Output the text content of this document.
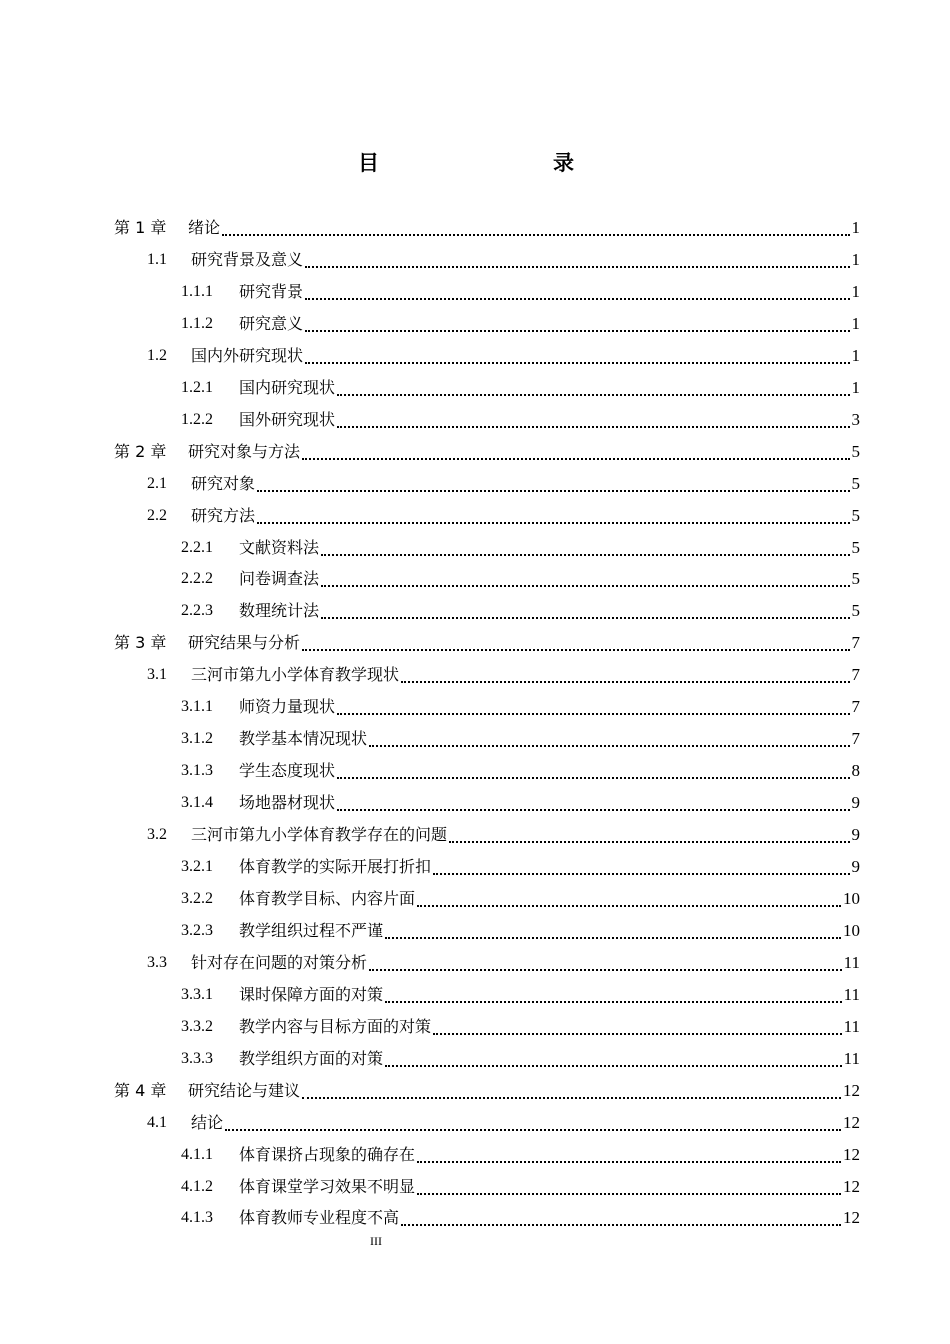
目　　录
第 1 章	绪论	1
1.1	研究背景及意义	1
1.1.1	研究背景	1
1.1.2	研究意义	1
1.2	国内外研究现状	1
1.2.1	国内研究现状	1
1.2.2	国外研究现状	3
第 2 章	研究对象与方法	5
2.1	研究对象	5
2.2	研究方法	5
2.2.1	文献资料法	5
2.2.2	问卷调查法	5
2.2.3	数理统计法	5
第 3 章	研究结果与分析	7
3.1	三河市第九小学体育教学现状	7
3.1.1	师资力量现状	7
3.1.2	教学基本情况现状	7
3.1.3	学生态度现状	8
3.1.4	场地器材现状	9
3.2	三河市第九小学体育教学存在的问题	9
3.2.1	体育教学的实际开展打折扣	9
3.2.2	体育教学目标、内容片面	10
3.2.3	教学组织过程不严谨	10
3.3	针对存在问题的对策分析	11
3.3.1	课时保障方面的对策	11
3.3.2	教学内容与目标方面的对策	11
3.3.3	教学组织方面的对策	11
第 4 章	研究结论与建议	12
4.1	结论	12
4.1.1	体育课挤占现象的确存在	12
4.1.2	体育课堂学习效果不明显	12
4.1.3	体育教师专业程度不高	12
III
